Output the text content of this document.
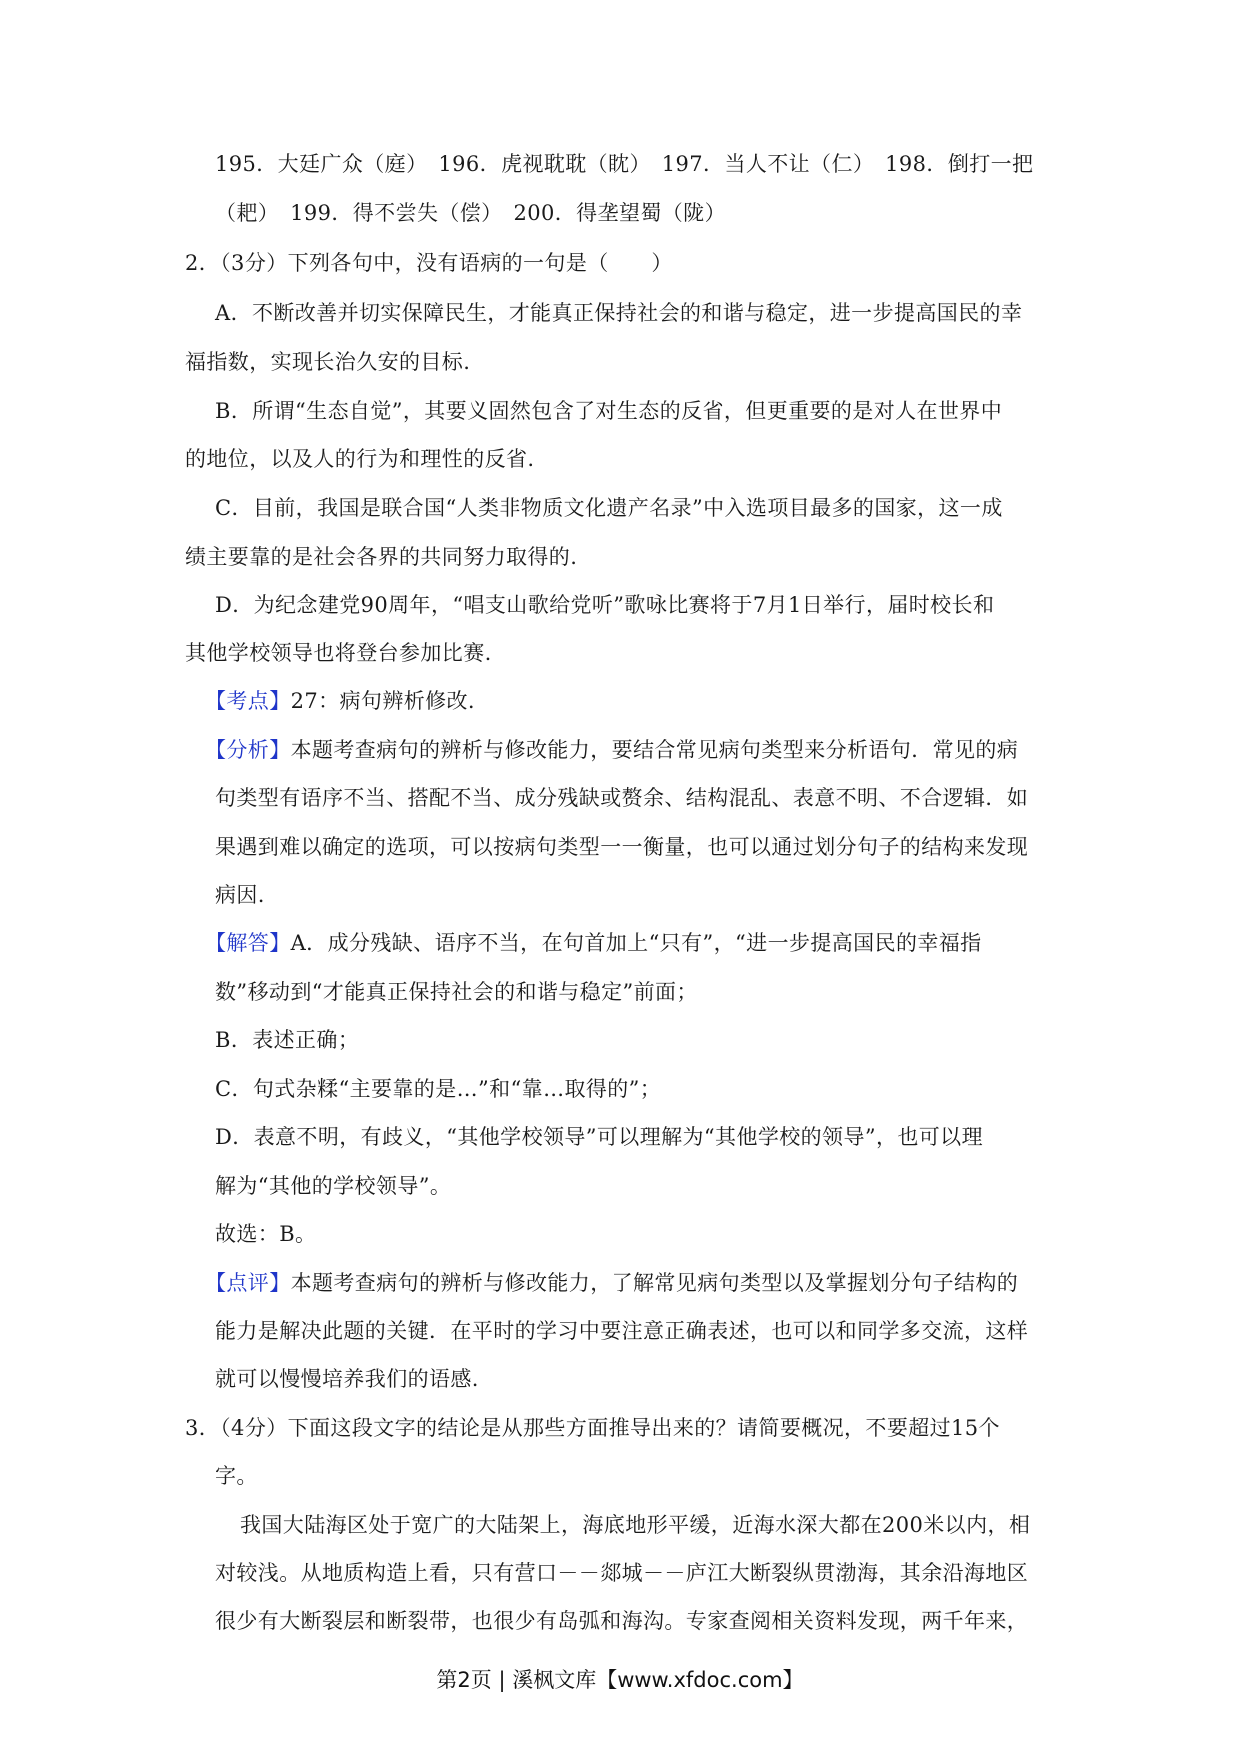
195．大廷广众（庭）　196．虎视耽耽（眈）　197．当人不让（仁）　198．倒打一把
（耙）　199．得不尝失（偿）　200．得垄望蜀（陇）
2．（3分）下列各句中，没有语病的一句是（　　）
A．不断改善并切实保障民生，才能真正保持社会的和谐与稳定，进一步提高国民的幸
福指数，实现长治久安的目标.
B．所谓“生态自觉”，其要义固然包含了对生态的反省，但更重要的是对人在世界中
的地位，以及人的行为和理性的反省.
C．目前，我国是联合国“人类非物质文化遗产名录”中入选项目最多的国家，这一成
绩主要靠的是社会各界的共同努力取得的.
D．为纪念建党90周年，“唱支山歌给党听”歌咏比赛将于7月1日举行，届时校长和
其他学校领导也将登台参加比赛.
【考点】27：病句辨析修改.
【分析】本题考查病句的辨析与修改能力，要结合常见病句类型来分析语句．常见的病
句类型有语序不当、搭配不当、成分残缺或赘余、结构混乱、表意不明、不合逻辑．如
果遇到难以确定的选项，可以按病句类型一一衡量，也可以通过划分句子的结构来发现
病因.
【解答】A．成分残缺、语序不当，在句首加上“只有”，“进一步提高国民的幸福指
数”移动到“才能真正保持社会的和谐与稳定”前面；
B．表述正确；
C．句式杂糅“主要靠的是…”和“靠…取得的”；
D．表意不明，有歧义，“其他学校领导”可以理解为“其他学校的领导”，也可以理
解为“其他的学校领导”。
故选：B。
【点评】本题考查病句的辨析与修改能力，了解常见病句类型以及掌握划分句子结构的
能力是解决此题的关键．在平时的学习中要注意正确表述，也可以和同学多交流，这样
就可以慢慢培养我们的语感.
3．（4分）下面这段文字的结论是从那些方面推导出来的？请简要概况，不要超过15个
字。
我国大陆海区处于宽广的大陆架上，海底地形平缓，近海水深大都在200米以内，相
对较浅。从地质构造上看，只有营口－－郯城－－庐江大断裂纵贯渤海，其余沿海地区
很少有大断裂层和断裂带，也很少有岛弧和海沟。专家查阅相关资料发现，两千年来，
第2页 | 溪枫文库【www.xfdoc.com】
